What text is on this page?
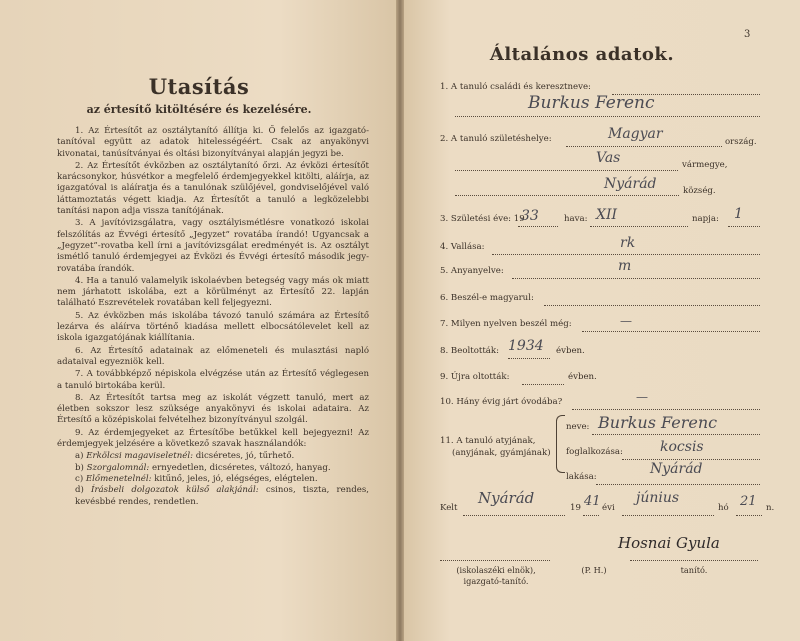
Utasítás
az értesítő kitöltésére és kezelésére.

1. Az Értesítőt az osztálytanító állítja ki. Ő felelős az igazgató-tanítóval együtt az adatok hitelességéért. Csak az anyakönyvi kivonatai, tanúsítványai és oltási bizonyítványai alapján jegyzi be.

2. Az Értesítőt évközben az osztálytanító őrzi. Az évközi értesítőt karácsonykor, húsvétkor a megfelelő érdemjegyekkel kitölti, aláírja, az igazgatóval is aláíratja és a tanulónak szülőjével, gondviselőjével való láttamoztatás végett kiadja. Az Értesítőt a tanuló a legközelebbi tanítási napon adja vissza tanítójának.

3. A javítóvizsgálatra, vagy osztályismétlésre vonatkozó iskolai felszólítás az Évvégi értesítő „Jegyzet” rovatába írandó! Ugyancsak a „Jegyzet”-rovatba kell írni a javítóvizsgálat eredményét is. Az osztályt ismétlő tanuló érdemjegyei az Évközi és Évvégi értesítő második jegy-rovatába írandók.

4. Ha a tanuló valamelyik iskolaévben betegség vagy más ok miatt nem járhatott iskolába, ezt a körülményt az Értesítő 22. lapján található Eszrevételek rovatában kell feljegyezni.

5. Az évközben más iskolába távozó tanuló számára az Értesítő lezárva és aláírva történő kiadása mellett elbocsátólevelet kell az iskola igazgatójának kiállítania.

6. Az Értesítő adatainak az előmeneteli és mulasztási napló adataival egyezniök kell.

7. A továbbképző népiskola elvégzése után az Értesítő véglegesen a tanuló birtokába kerül.

8. Az Értesítőt tartsa meg az iskolát végzett tanuló, mert az életben sokszor lesz szüksége anyakönyvi és iskolai adataira. Az Értesítő a középiskolai felvételhez bizonyítványul szolgál.

9. Az érdemjegyeket az Értesítőbe betűkkel kell bejegyezni! Az érdemjegyek jelzésére a következő szavak használandók:

a) Erkölcsi magaviseletnél: dicséretes, jó, tűrhető.

b) Szorgalomnál: ernyedetlen, dicséretes, változó, hanyag.

c) Előmenetelnél: kitűnő, jeles, jó, elégséges, elégtelen.

d) Írásbeli dolgozatok külső alakjánál: csinos, tiszta, rendes, kevésbbé rendes, rendetlen.

3
Általános adatok.
1. A tanuló családi és keresztneve:
Burkus Ferenc
2. A tanuló születéshelye:	Magyar	ország.
Vas	vármegye,
Nyárád	község.
3. Születési éve: 19
33	hava: XII	napja: 1
4. Vallása:	rk
5. Anyanyelve:	m
6. Beszél-e magyarul:
7. Milyen nyelven beszél még:	—
8. Beoltották: 1934 évben.
9. Újra oltották:	évben.
10. Hány évig járt óvodába?	—
11. A tanuló atyjának,
(anyjának, gyámjának)
neve: Burkus Ferenc
foglalkozása:	kocsis
lakása:	Nyárád
Kelt
Nyárád
19 41 évi
június
hó 21 n.
(iskolaszéki elnök),
igazgató-tanító.
(P. H.)
Hosnai Gyula
tanító.
